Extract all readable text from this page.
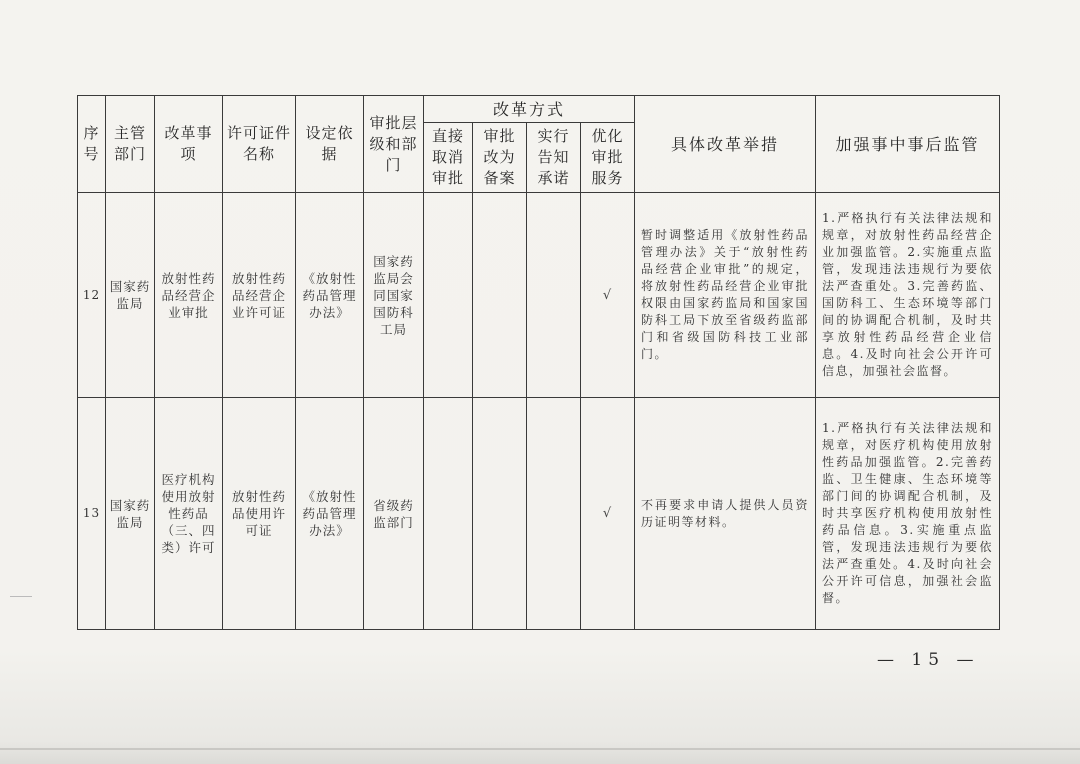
序号	主管部门	改革事项	许可证件名称	设定依据	审批层级和部门	改革方式				具体改革举措	加强事中事后监管
						直接取消审批	审批改为备案	实行告知承诺	优化审批服务		
12	国家药监局	放射性药品经营企业审批	放射性药品经营企业许可证	《放射性药品管理办法》	国家药监局会同国家国防科工局				√	暂时调整适用《放射性药品管理办法》关于“放射性药品经营企业审批”的规定，将放射性药品经营企业审批权限由国家药监局和国家国防科工局下放至省级药监部门和省级国防科技工业部门。	1.严格执行有关法律法规和规章，对放射性药品经营企业加强监管。2.实施重点监管，发现违法违规行为要依法严查重处。3.完善药监、国防科工、生态环境等部门间的协调配合机制，及时共享放射性药品经营企业信息。4.及时向社会公开许可信息，加强社会监督。
13	国家药监局	医疗机构使用放射性药品（三、四类）许可	放射性药品使用许可证	《放射性药品管理办法》	省级药监部门				√	不再要求申请人提供人员资历证明等材料。	1.严格执行有关法律法规和规章，对医疗机构使用放射性药品加强监管。2.完善药监、卫生健康、生态环境等部门间的协调配合机制，及时共享医疗机构使用放射性药品信息。3.实施重点监管，发现违法违规行为要依法严查重处。4.及时向社会公开许可信息，加强社会监督。
— 15 —
